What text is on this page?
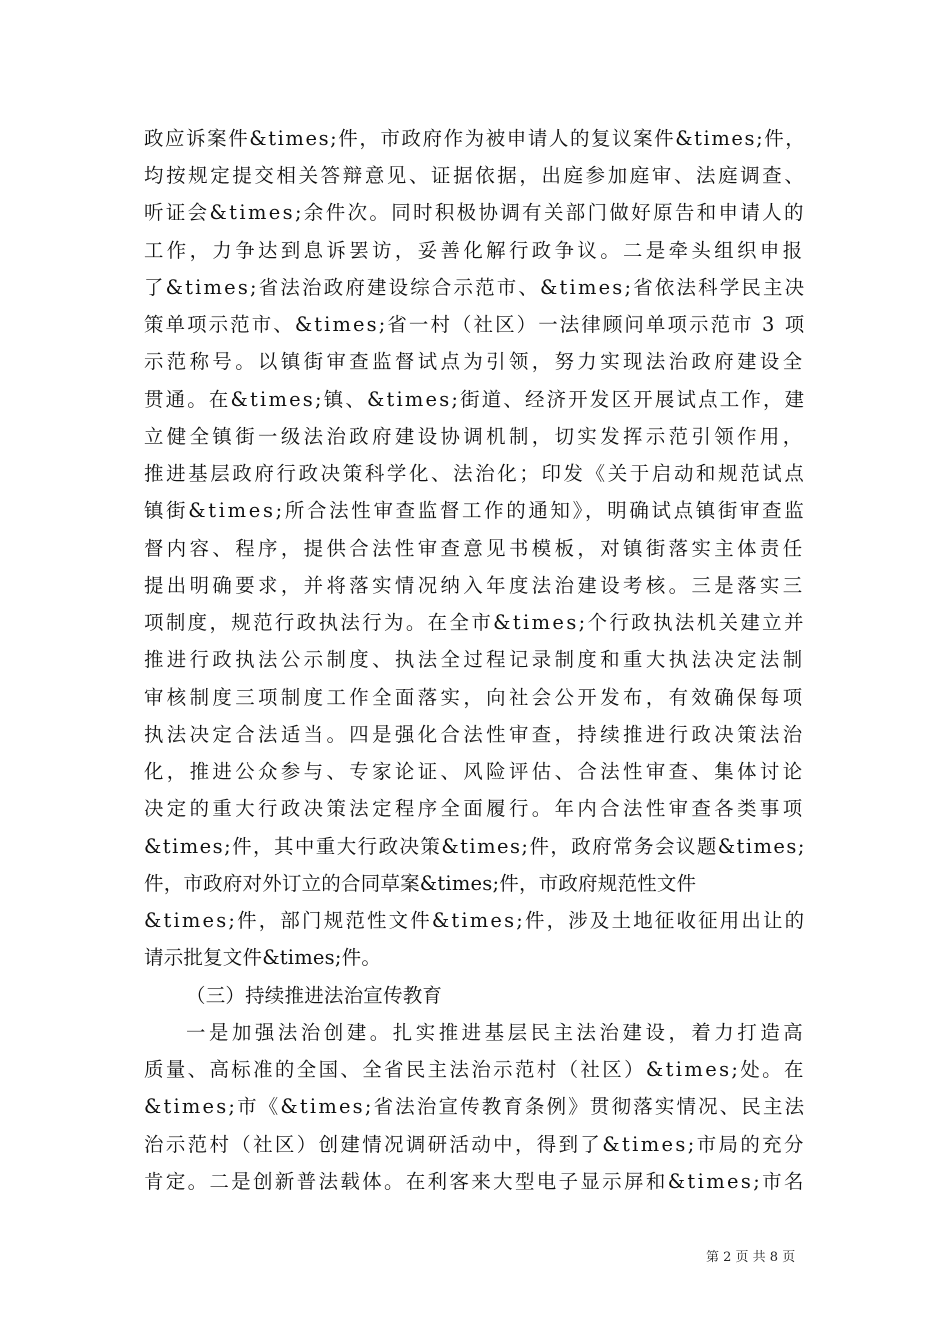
政应诉案件&times;件，市政府作为被申请人的复议案件&times;件，
均按规定提交相关答辩意见、证据依据，出庭参加庭审、法庭调查、
听证会&times;余件次。同时积极协调有关部门做好原告和申请人的
工作，力争达到息诉罢访，妥善化解行政争议。二是牵头组织申报
了&times;省法治政府建设综合示范市、&times;省依法科学民主决
策单项示范市、&times;省一村（社区）一法律顾问单项示范市 3 项
示范称号。以镇街审查监督试点为引领，努力实现法治政府建设全
贯通。在&times;镇、&times;街道、经济开发区开展试点工作，建
立健全镇街一级法治政府建设协调机制，切实发挥示范引领作用，
推进基层政府行政决策科学化、法治化；印发《关于启动和规范试点
镇街&times;所合法性审查监督工作的通知》，明确试点镇街审查监
督内容、程序，提供合法性审查意见书模板，对镇街落实主体责任
提出明确要求，并将落实情况纳入年度法治建设考核。三是落实三
项制度，规范行政执法行为。在全市&times;个行政执法机关建立并
推进行政执法公示制度、执法全过程记录制度和重大执法决定法制
审核制度三项制度工作全面落实，向社会公开发布，有效确保每项
执法决定合法适当。四是强化合法性审查，持续推进行政决策法治
化，推进公众参与、专家论证、风险评估、合法性审查、集体讨论
决定的重大行政决策法定程序全面履行。年内合法性审查各类事项
&times;件，其中重大行政决策&times;件，政府常务会议题&times;
件，市政府对外订立的合同草案&times;件，市政府规范性文件
&times;件，部门规范性文件&times;件，涉及土地征收征用出让的
请示批复文件&times;件。
（三）持续推进法治宣传教育
一是加强法治创建。扎实推进基层民主法治建设，着力打造高
质量、高标准的全国、全省民主法治示范村（社区）&times;处。在
&times;市《&times;省法治宣传教育条例》贯彻落实情况、民主法
治示范村（社区）创建情况调研活动中，得到了&times;市局的充分
肯定。二是创新普法载体。在利客来大型电子显示屏和&times;市名
第 2 页 共 8 页
